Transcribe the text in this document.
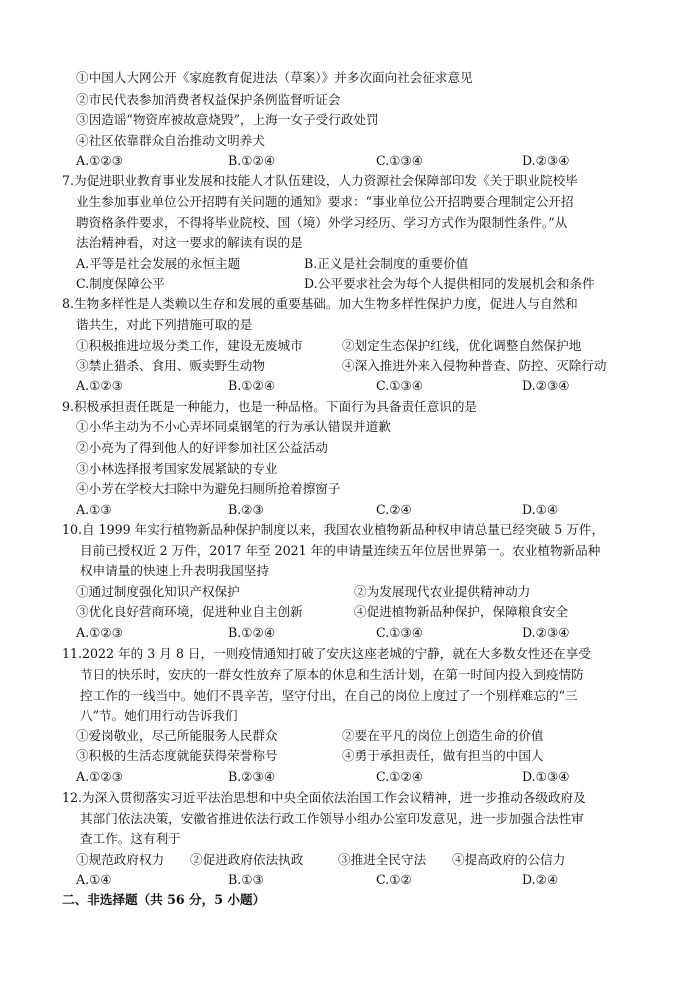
①中国人大网公开《家庭教育促进法（草案）》并多次面向社会征求意见
②市民代表参加消费者权益保护条例监督听证会
③因造谣“物资库被故意烧毁”，上海一女子受行政处罚
④社区依靠群众自治推动文明养犬
A.①②③	B.①②④	C.①③④	D.②③④
7.为促进职业教育事业发展和技能人才队伍建设，人力资源社会保障部印发《关于职业院校毕
业生参加事业单位公开招聘有关问题的通知》要求：“事业单位公开招聘要合理制定公开招
聘资格条件要求，不得将毕业院校、国（境）外学习经历、学习方式作为限制性条件。”从
法治精神看，对这一要求的解读有误的是
A.平等是社会发展的永恒主题	B.正义是社会制度的重要价值
C.制度保障公平	D.公平要求社会为每个人提供相同的发展机会和条件
8.生物多样性是人类赖以生存和发展的重要基础。加大生物多样性保护力度，促进人与自然和
谐共生，对此下列措施可取的是
①积极推进垃圾分类工作，建设无废城市	②划定生态保护红线，优化调整自然保护地
③禁止猎杀、食用、贩卖野生动物	④深入推进外来入侵物种普查、防控、灭除行动
A.①②③	B.①②④	C.①③④	D.②③④
9.积极承担责任既是一种能力，也是一种品格。下面行为具备责任意识的是
①小华主动为不小心弄坏同桌钢笔的行为承认错误并道歉
②小亮为了得到他人的好评参加社区公益活动
③小林选择报考国家发展紧缺的专业
④小芳在学校大扫除中为避免扫厕所抢着擦窗子
A.①③	B.②③	C.②④	D.①④
10.自 1999 年实行植物新品种保护制度以来，我国农业植物新品种权申请总量已经突破 5 万件，
目前已授权近 2 万件，2017 年至 2021 年的申请量连续五年位居世界第一。农业植物新品种
权申请量的快速上升表明我国坚持
①通过制度强化知识产权保护	②为发展现代农业提供精神动力
③优化良好营商环境，促进种业自主创新	④促进植物新品种保护，保障粮食安全
A.①②③	B.①②④	C.①③④	D.②③④
11.2022 年的 3 月 8 日，一则疫情通知打破了安庆这座老城的宁静，就在大多数女性还在享受
节日的快乐时，安庆的一群女性放弃了原本的休息和生活计划，在第一时间内投入到疫情防
控工作的一线当中。她们不畏辛苦，坚守付出，在自己的岗位上度过了一个别样难忘的“三
八”节。她们用行动告诉我们
①爱岗敬业，尽己所能服务人民群众	②要在平凡的岗位上创造生命的价值
③积极的生活态度就能获得荣誉称号	④勇于承担责任，做有担当的中国人
A.①②③	B.②③④	C.①②④	D.①③④
12.为深入贯彻落实习近平法治思想和中央全面依法治国工作会议精神，进一步推动各级政府及
其部门依法决策，安徽省推进依法行政工作领导小组办公室印发意见，进一步加强合法性审
查工作。这有利于
①规范政府权力 ②促进政府依法执政	③推进全民守法 ④提高政府的公信力
A.①④	B.①③	C.①②	D.②④
二、非选择题（共 56 分，5 小题）
